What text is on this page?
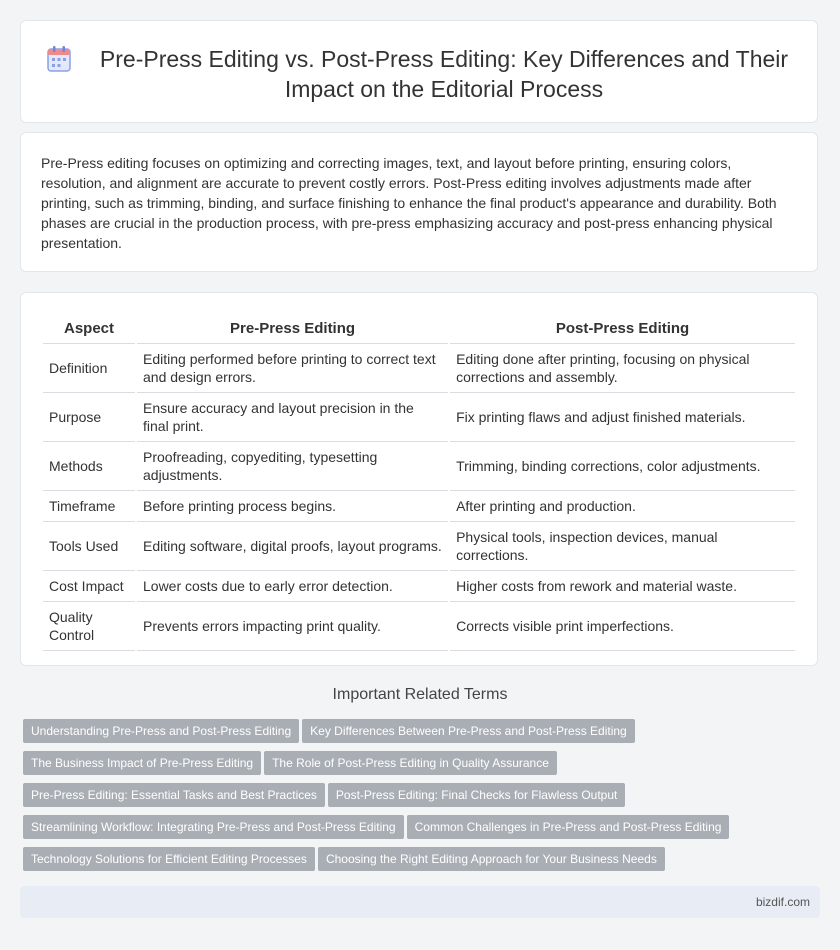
Pre-Press Editing vs. Post-Press Editing: Key Differences and Their Impact on the Editorial Process

Pre-Press editing focuses on optimizing and correcting images, text, and layout before printing, ensuring colors, resolution, and alignment are accurate to prevent costly errors. Post-Press editing involves adjustments made after printing, such as trimming, binding, and surface finishing to enhance the final product's appearance and durability. Both phases are crucial in the production process, with pre-press emphasizing accuracy and post-press enhancing physical presentation.

Aspect	Pre-Press Editing	Post-Press Editing
Definition	Editing performed before printing to correct text and design errors.	Editing done after printing, focusing on physical corrections and assembly.
Purpose	Ensure accuracy and layout precision in the final print.	Fix printing flaws and adjust finished materials.
Methods	Proofreading, copyediting, typesetting adjustments.	Trimming, binding corrections, color adjustments.
Timeframe	Before printing process begins.	After printing and production.
Tools Used	Editing software, digital proofs, layout programs.	Physical tools, inspection devices, manual corrections.
Cost Impact	Lower costs due to early error detection.	Higher costs from rework and material waste.
Quality Control	Prevents errors impacting print quality.	Corrects visible print imperfections.
Important Related Terms
Understanding Pre-Press and Post-Press Editing Key Differences Between Pre-Press and Post-Press Editing
The Business Impact of Pre-Press Editing The Role of Post-Press Editing in Quality Assurance
Pre-Press Editing: Essential Tasks and Best Practices Post-Press Editing: Final Checks for Flawless Output
Streamlining Workflow: Integrating Pre-Press and Post-Press Editing Common Challenges in Pre-Press and Post-Press Editing
Technology Solutions for Efficient Editing Processes Choosing the Right Editing Approach for Your Business Needs
bizdif.com
